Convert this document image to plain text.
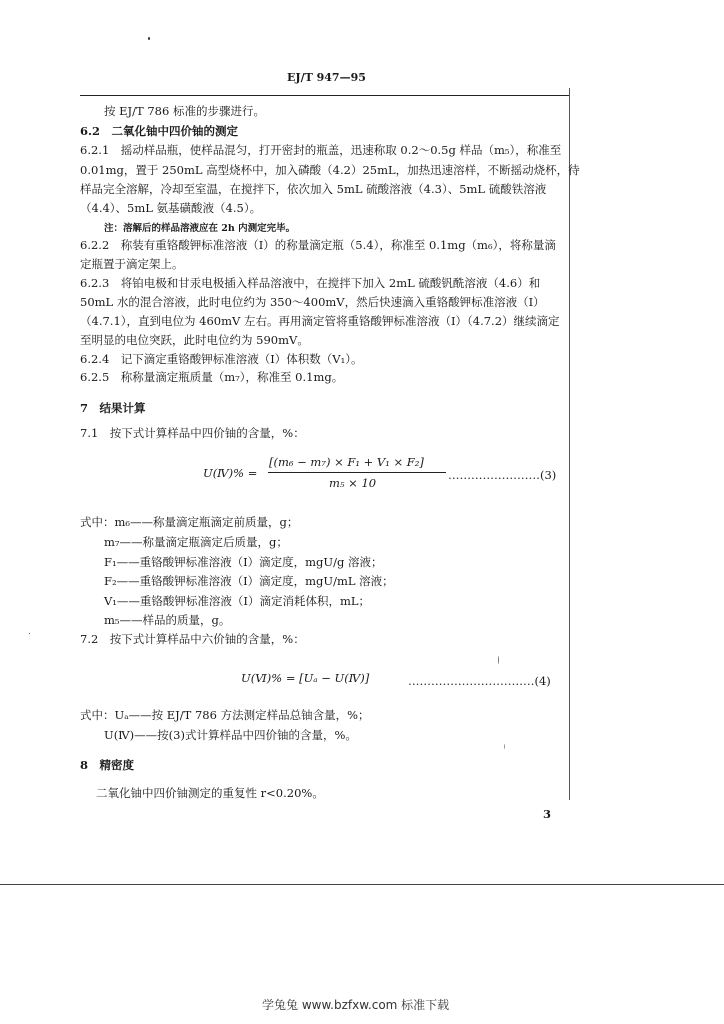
EJ/T 947—95
按 EJ/T 786 标准的步骤进行。
6.2　二氧化铀中四价铀的测定
6.2.1　摇动样品瓶，使样品混匀，打开密封的瓶盖，迅速称取 0.2～0.5g 样品（m₅），称准至
0.01mg，置于 250mL 高型烧杯中，加入磷酸（4.2）25mL，加热迅速溶样，不断摇动烧杯，待
样品完全溶解，冷却至室温，在搅拌下，依次加入 5mL 硫酸溶液（4.3）、5mL 硫酸铁溶液
（4.4）、5mL 氨基磺酸液（4.5）。
注：溶解后的样品溶液应在 2h 内测定完毕。
6.2.2　称装有重铬酸钾标准溶液（Ⅰ）的称量滴定瓶（5.4），称准至 0.1mg（m₆），将称量滴
定瓶置于滴定架上。
6.2.3　将铂电极和甘汞电极插入样品溶液中，在搅拌下加入 2mL 硫酸钒酰溶液（4.6）和
50mL 水的混合溶液，此时电位约为 350～400mV，然后快速滴入重铬酸钾标准溶液（Ⅰ）
（4.7.1），直到电位为 460mV 左右。再用滴定管将重铬酸钾标准溶液（Ⅰ）（4.7.2）继续滴定
至明显的电位突跃，此时电位约为 590mV。
6.2.4　记下滴定重铬酸钾标准溶液（Ⅰ）体积数（V₁）。
6.2.5　称称量滴定瓶质量（m₇），称准至 0.1mg。
7　结果计算
7.1　按下式计算样品中四价铀的含量，%：
U(Ⅳ)% =
[(m₆ − m₇) × F₁ + V₁ × F₂]
m₅ × 10
……………………(3)
式中：m₆——称量滴定瓶滴定前质量，g；
m₇——称量滴定瓶滴定后质量，g；
F₁——重铬酸钾标准溶液（Ⅰ）滴定度，mgU/g 溶液；
F₂——重铬酸钾标准溶液（Ⅰ）滴定度，mgU/mL 溶液；
V₁——重铬酸钾标准溶液（Ⅰ）滴定消耗体积，mL；
m₅——样品的质量，g。
7.2　按下式计算样品中六价铀的含量，%：
U(Ⅵ)% = [Uₐ − U(Ⅳ)]	……………………………(4)
式中：Uₐ——按 EJ/T 786 方法测定样品总铀含量，%；
U(Ⅳ)——按(3)式计算样品中四价铀的含量，%。
8　精密度
二氧化铀中四价铀测定的重复性 r<0.20%。
3
学兔兔 www.bzfxw.com 标准下载
